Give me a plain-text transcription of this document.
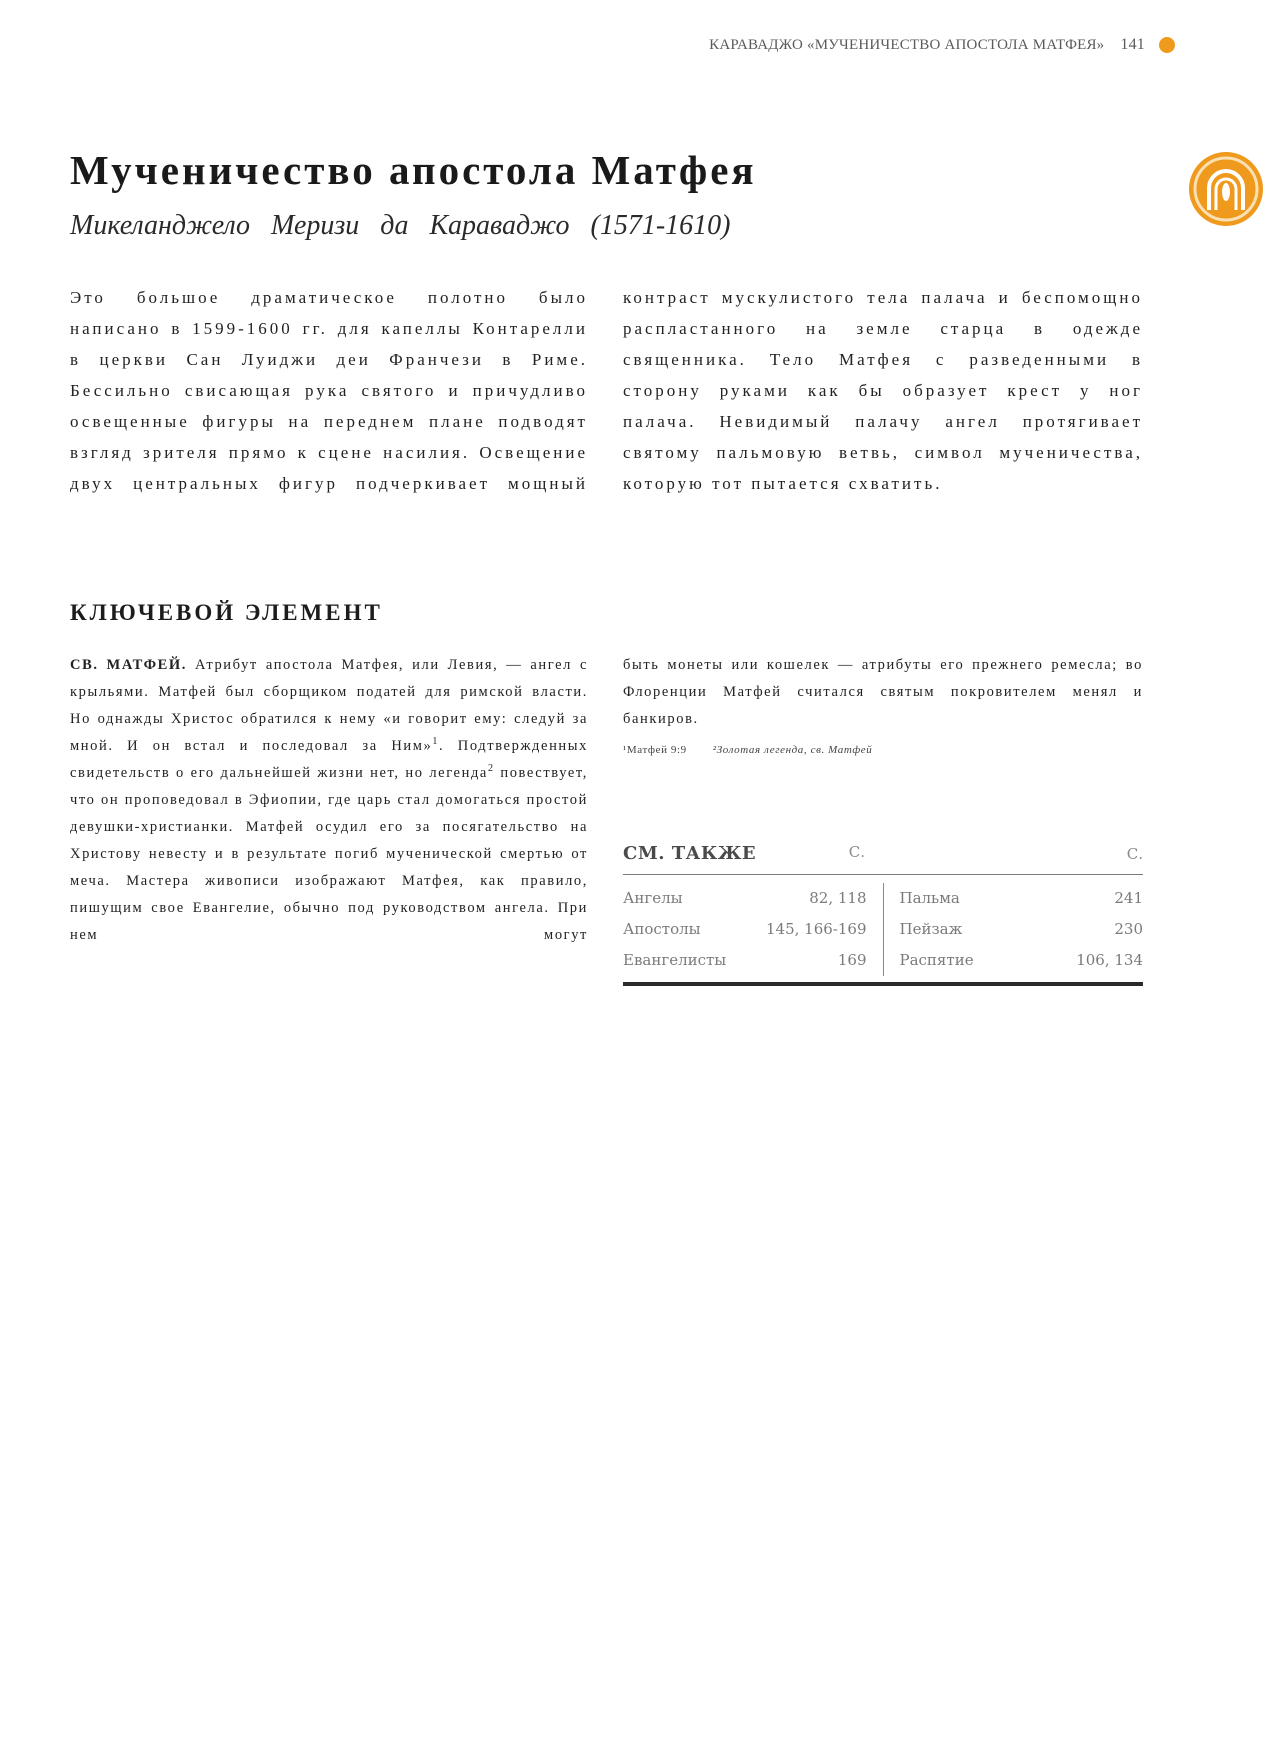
КАРАВАДЖО «МУЧЕНИЧЕСТВО АПОСТОЛА МАТФЕЯ» 141
Мученичество апостола Матфея

Микеланджело Меризи да Караваджо (1571-1610)

Это большое драматическое полотно было написано в 1599-1600 гг. для капеллы Контарелли в церкви Сан Луиджи деи Франчези в Риме. Бессильно свисающая рука святого и причудливо освещенные фигуры на переднем плане подводят взгляд зрителя прямо к сцене насилия. Освещение двух центральных фигур подчеркивает мощный

контраст мускулистого тела палача и беспомощно распластанного на земле старца в одежде священника. Тело Матфея с разведенными в сторону руками как бы образует крест у ног палача. Невидимый палачу ангел протягивает святому пальмовую ветвь, символ мученичества, которую тот пытается схватить.

КЛЮЧЕВОЙ ЭЛЕМЕНТ

СВ. МАТФЕЙ. Атрибут апостола Матфея, или Левия, — ангел с крыльями. Матфей был сборщиком податей для римской власти. Но однажды Христос обратился к нему «и говорит ему: следуй за мной. И он встал и последовал за Ним»$^1$. Подтвержденных свидетельств о его дальнейшей жизни нет, но легенда$^2$ повествует, что он проповедовал в Эфиопии, где царь стал домогаться простой девушки-христианки. Матфей осудил его за посягательство на Христову невесту и в результате погиб мученической смертью от меча. Мастера живописи изображают Матфея, как правило, пишущим свое Евангелие, обычно под руководством ангела. При нем могут

быть монеты или кошелек — атрибуты его прежнего ремесла; во Флоренции Матфей считался святым покровителем менял и банкиров.

¹Матфей 9:9 ²Золотая легенда, св. Матфей
СМ. ТАКЖЕ	С.	С.
Ангелы	82, 118
Апостолы	145, 166-169
Евангелисты	169
Пальма	241
Пейзаж	230
Распятие	106, 134
